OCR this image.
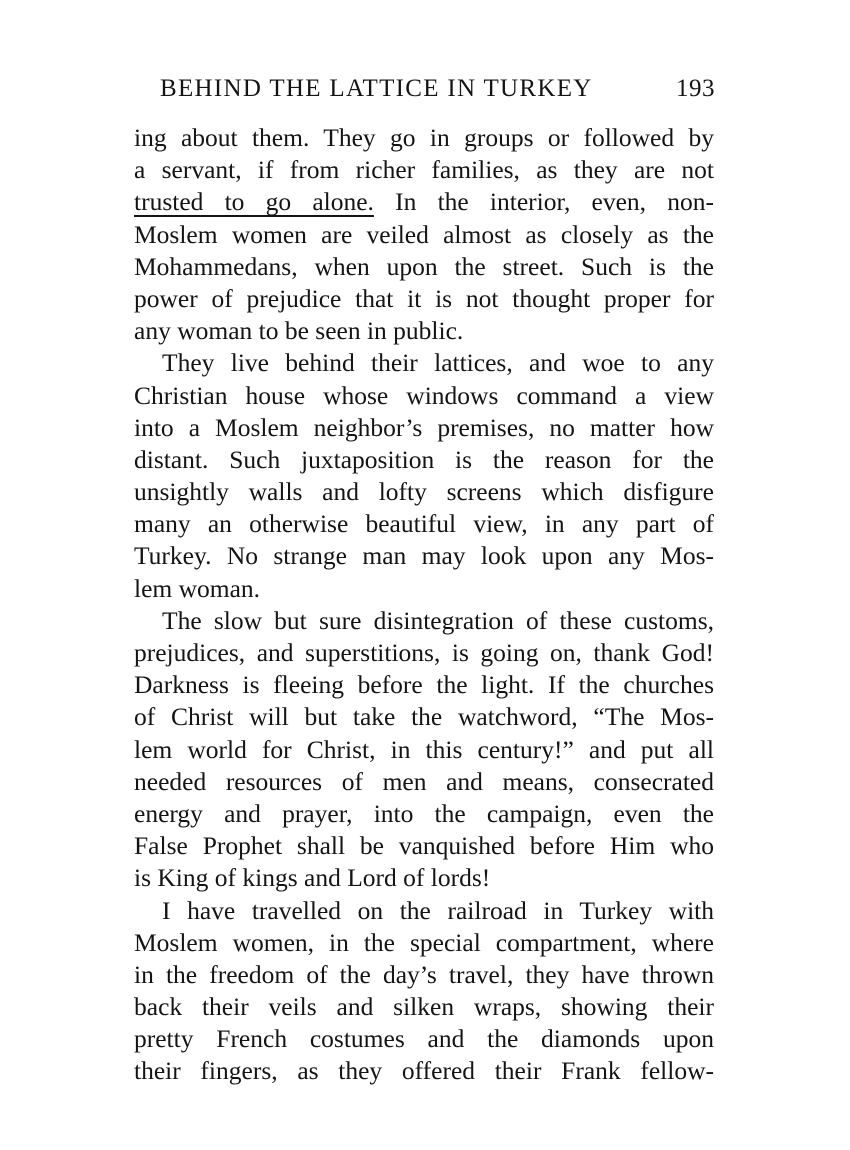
BEHIND THE LATTICE IN TURKEY	193
ing about them. They go in groups or followed by
a servant, if from richer families, as they are not
trusted to go alone. In the interior, even, non-
Moslem women are veiled almost as closely as the
Mohammedans, when upon the street. Such is the
power of prejudice that it is not thought proper for
any woman to be seen in public.
They live behind their lattices, and woe to any
Christian house whose windows command a view
into a Moslem neighbor’s premises, no matter how
distant. Such juxtaposition is the reason for the
unsightly walls and lofty screens which disfigure
many an otherwise beautiful view, in any part of
Turkey. No strange man may look upon any Mos-
lem woman.
The slow but sure disintegration of these customs,
prejudices, and superstitions, is going on, thank God!
Darkness is fleeing before the light. If the churches
of Christ will but take the watchword, “The Mos-
lem world for Christ, in this century!” and put all
needed resources of men and means, consecrated
energy and prayer, into the campaign, even the
False Prophet shall be vanquished before Him who
is King of kings and Lord of lords!
I have travelled on the railroad in Turkey with
Moslem women, in the special compartment, where
in the freedom of the day’s travel, they have thrown
back their veils and silken wraps, showing their
pretty French costumes and the diamonds upon
their fingers, as they offered their Frank fellow-
